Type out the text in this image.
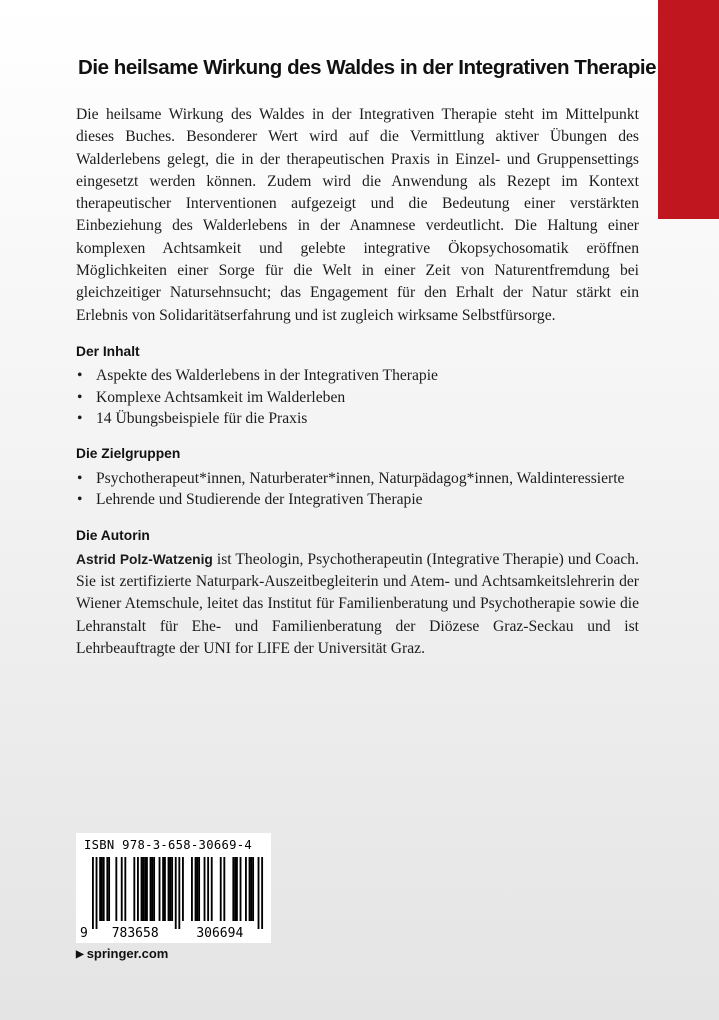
Die heilsame Wirkung des Waldes in der Integrativen Therapie

Die heilsame Wirkung des Waldes in der Integrativen Therapie steht im Mittelpunkt dieses Buches. Besonderer Wert wird auf die Vermittlung aktiver Übungen des Walderlebens gelegt, die in der therapeutischen Praxis in Einzel- und Gruppensettings eingesetzt werden können. Zudem wird die Anwendung als Rezept im Kontext therapeutischer Interventionen aufgezeigt und die Bedeutung einer verstärkten Einbeziehung des Walderlebens in der Anamnese verdeutlicht. Die Haltung einer komplexen Achtsamkeit und gelebte integrative Ökopsychosomatik eröffnen Möglichkeiten einer Sorge für die Welt in einer Zeit von Naturentfremdung bei gleichzeitiger Natursehnsucht; das Engagement für den Erhalt der Natur stärkt ein Erlebnis von Solidaritätserfahrung und ist zugleich wirksame Selbstfürsorge.

Der Inhalt
• Aspekte des Walderlebens in der Integrativen Therapie
• Komplexe Achtsamkeit im Walderleben
• 14 Übungsbeispiele für die Praxis
Die Zielgruppen
• Psychotherapeut*innen, Naturberater*innen, Naturpädagog*innen, Waldinteressierte
• Lehrende und Studierende der Integrativen Therapie
Die Autorin

Astrid Polz-Watzenig ist Theologin, Psychotherapeutin (Integrative Therapie) und Coach. Sie ist zertifizierte Naturpark-Auszeitbegleiterin und Atem- und Achtsamkeitslehrerin der Wiener Atemschule, leitet das Institut für Familienberatung und Psychotherapie sowie die Lehranstalt für Ehe- und Familienberatung der Diözese Graz-Seckau und ist Lehrbeauftragte der UNI for LIFE der Universität Graz.

ISBN 978-3-658-30669-4
9 783658	306694
▶ springer.com
